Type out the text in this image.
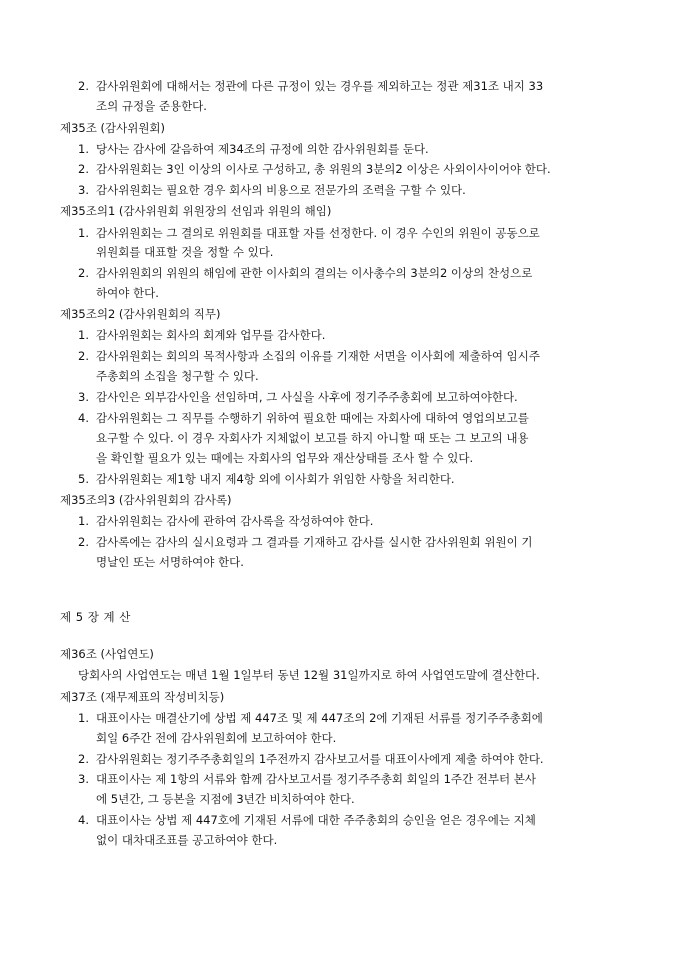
2. 감사위원회에 대해서는 정관에 다른 규정이 있는 경우를 제외하고는 정관 제31조 내지 33
조의 규정을 준용한다.
제35조 (감사위원회)
1. 당사는 감사에 갈음하여 제34조의 규정에 의한 감사위원회를 둔다.
2. 감사위원회는 3인 이상의 이사로 구성하고, 총 위원의 3분의2 이상은 사외이사이어야 한다.
3. 감사위원회는 필요한 경우 회사의 비용으로 전문가의 조력을 구할 수 있다.
제35조의1 (감사위원회 위원장의 선임과 위원의 해임)
1. 감사위원회는 그 결의로 위원회를 대표할 자를 선정한다. 이 경우 수인의 위원이 공동으로
위원회를 대표할 것을 정할 수 있다.
2. 감사위원회의 위원의 해임에 관한 이사회의 결의는 이사총수의 3분의2 이상의 찬성으로
하여야 한다.
제35조의2 (감사위원회의 직무)
1. 감사위원회는 회사의 회계와 업무를 감사한다.
2. 감사위원회는 회의의 목적사항과 소집의 이유를 기재한 서면을 이사회에 제출하여 임시주
주총회의 소집을 청구할 수 있다.
3. 감사인은 외부감사인을 선임하며, 그 사실을 사후에 정기주주총회에 보고하여야한다.
4. 감사위원회는 그 직무를 수행하기 위하여 필요한 때에는 자회사에 대하여 영업의보고를
요구할 수 있다. 이 경우 자회사가 지체없이 보고를 하지 아니할 때 또는 그 보고의 내용
을 확인할 필요가 있는 때에는 자회사의 업무와 재산상태를 조사 할 수 있다.
5. 감사위원회는 제1항 내지 제4항 외에 이사회가 위임한 사항을 처리한다.
제35조의3 (감사위원회의 감사록)
1. 감사위원회는 감사에 관하여 감사록을 작성하여야 한다.
2. 감사록에는 감사의 실시요령과 그 결과를 기재하고 감사를 실시한 감사위원회 위원이 기
명날인 또는 서명하여야 한다.
제 5 장 계 산
제36조 (사업연도)
당회사의 사업연도는 매년 1월 1일부터 동년 12월 31일까지로 하여 사업연도말에 결산한다.
제37조 (재무제표의 작성비치등)
1. 대표이사는 매결산기에 상법 제 447조 및 제 447조의 2에 기재된 서류를 정기주주총회에
회일 6주간 전에 감사위원회에 보고하여야 한다.
2. 감사위원회는 정기주주총회일의 1주전까지 감사보고서를 대표이사에게 제출 하여야 한다.
3. 대표이사는 제 1항의 서류와 함께 감사보고서를 정기주주총회 회일의 1주간 전부터 본사
에 5년간, 그 등본을 지점에 3년간 비치하여야 한다.
4. 대표이사는 상법 제 447호에 기재된 서류에 대한 주주총회의 승인을 얻은 경우에는 지체
없이 대차대조표를 공고하여야 한다.
